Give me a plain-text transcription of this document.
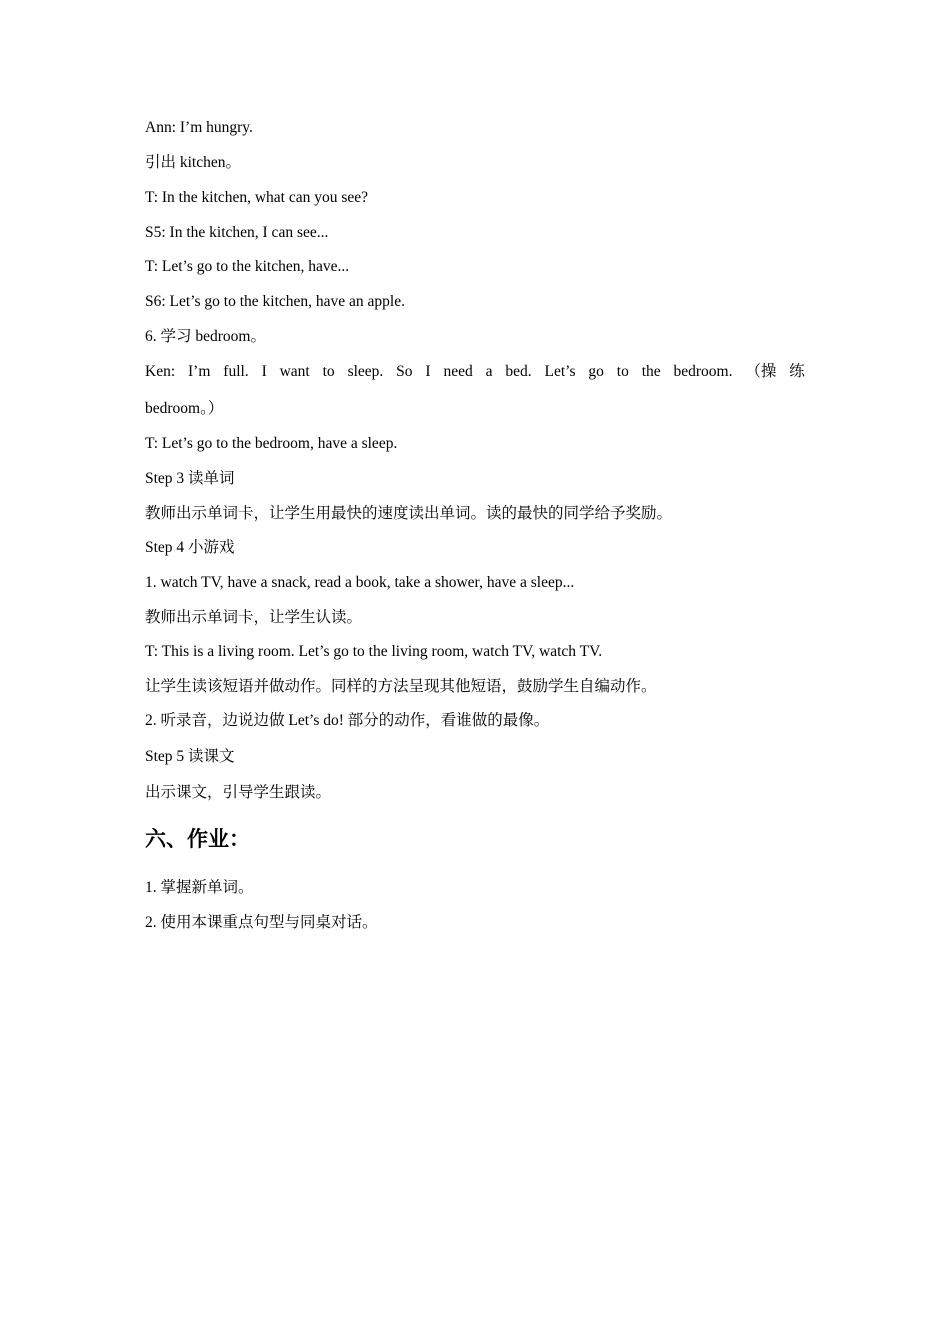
Ann: I’m hungry.
引出 kitchen。
T: In the kitchen, what can you see?
S5: In the kitchen, I can see...
T: Let’s go to the kitchen, have...
S6: Let’s go to the kitchen, have an apple.
6. 学习 bedroom。
Ken: I’m full. I want to sleep. So I need a bed. Let’s go to the bedroom. （操 练
bedroom。）
T: Let’s go to the bedroom, have a sleep.
Step 3 读单词
教师出示单词卡，让学生用最快的速度读出单词。读的最快的同学给予奖励。
Step 4 小游戏
1. watch TV, have a snack, read a book, take a shower, have a sleep...
教师出示单词卡，让学生认读。
T: This is a living room. Let’s go to the living room, watch TV, watch TV.
让学生读该短语并做动作。同样的方法呈现其他短语，鼓励学生自编动作。
2. 听录音，边说边做 Let’s do! 部分的动作，看谁做的最像。
Step 5 读课文
出示课文，引导学生跟读。
六、作业：
1. 掌握新单词。
2. 使用本课重点句型与同桌对话。
